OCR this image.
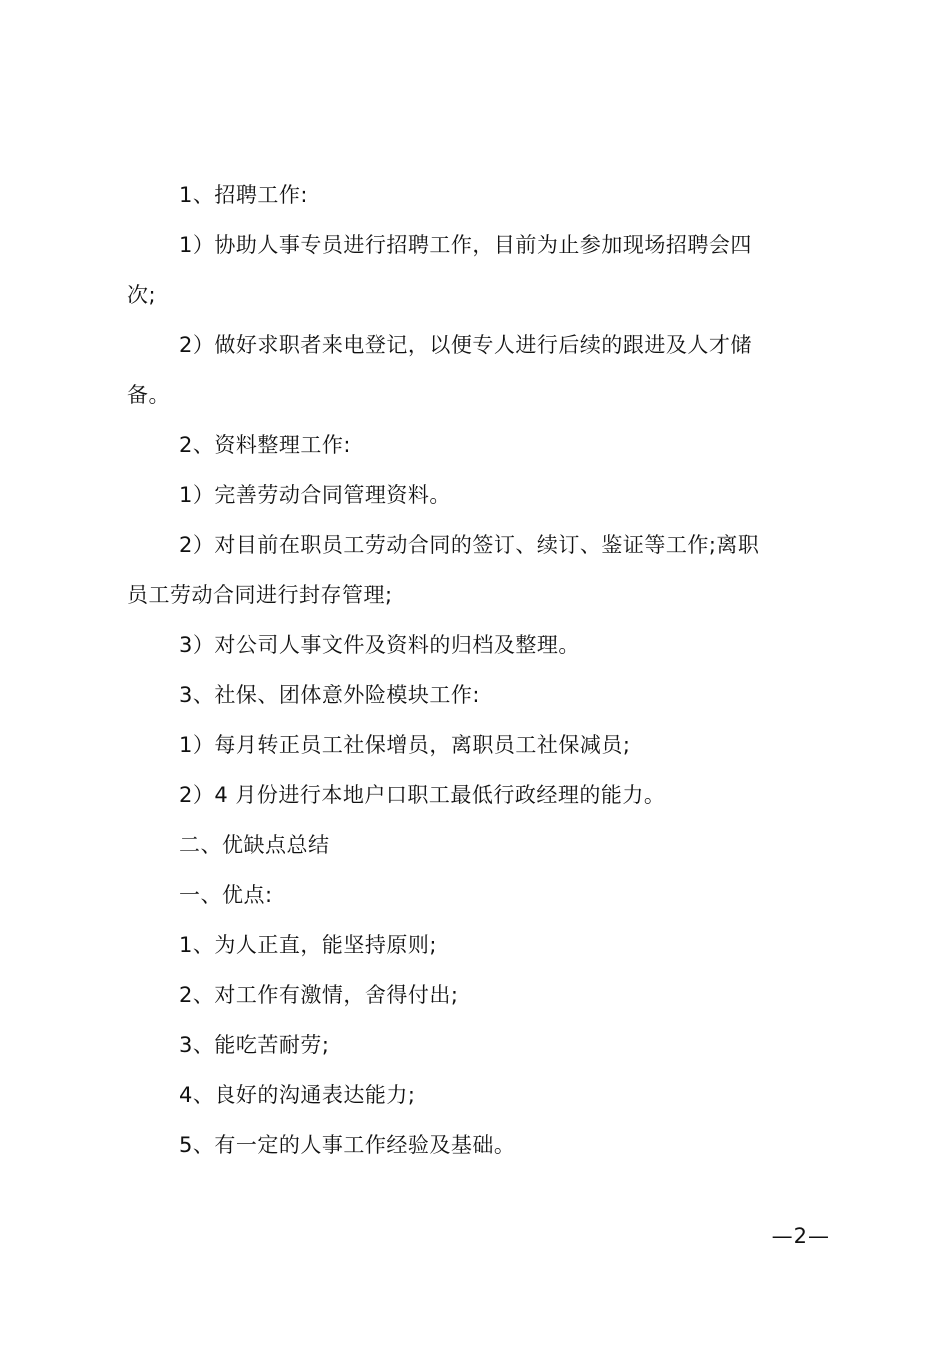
1、招聘工作:

1）协助人事专员进行招聘工作，目前为止参加现场招聘会四次;

2）做好求职者来电登记，以便专人进行后续的跟进及人才储备。

2、资料整理工作:

1）完善劳动合同管理资料。

2）对目前在职员工劳动合同的签订、续订、鉴证等工作;离职员工劳动合同进行封存管理;

3）对公司人事文件及资料的归档及整理。

3、社保、团体意外险模块工作:

1）每月转正员工社保增员，离职员工社保减员;

2）4 月份进行本地户口职工最低行政经理的能力。

二、优缺点总结

一、优点:

1、为人正直，能坚持原则;

2、对工作有激情，舍得付出;

3、能吃苦耐劳;

4、良好的沟通表达能力;

5、有一定的人事工作经验及基础。

—2—
